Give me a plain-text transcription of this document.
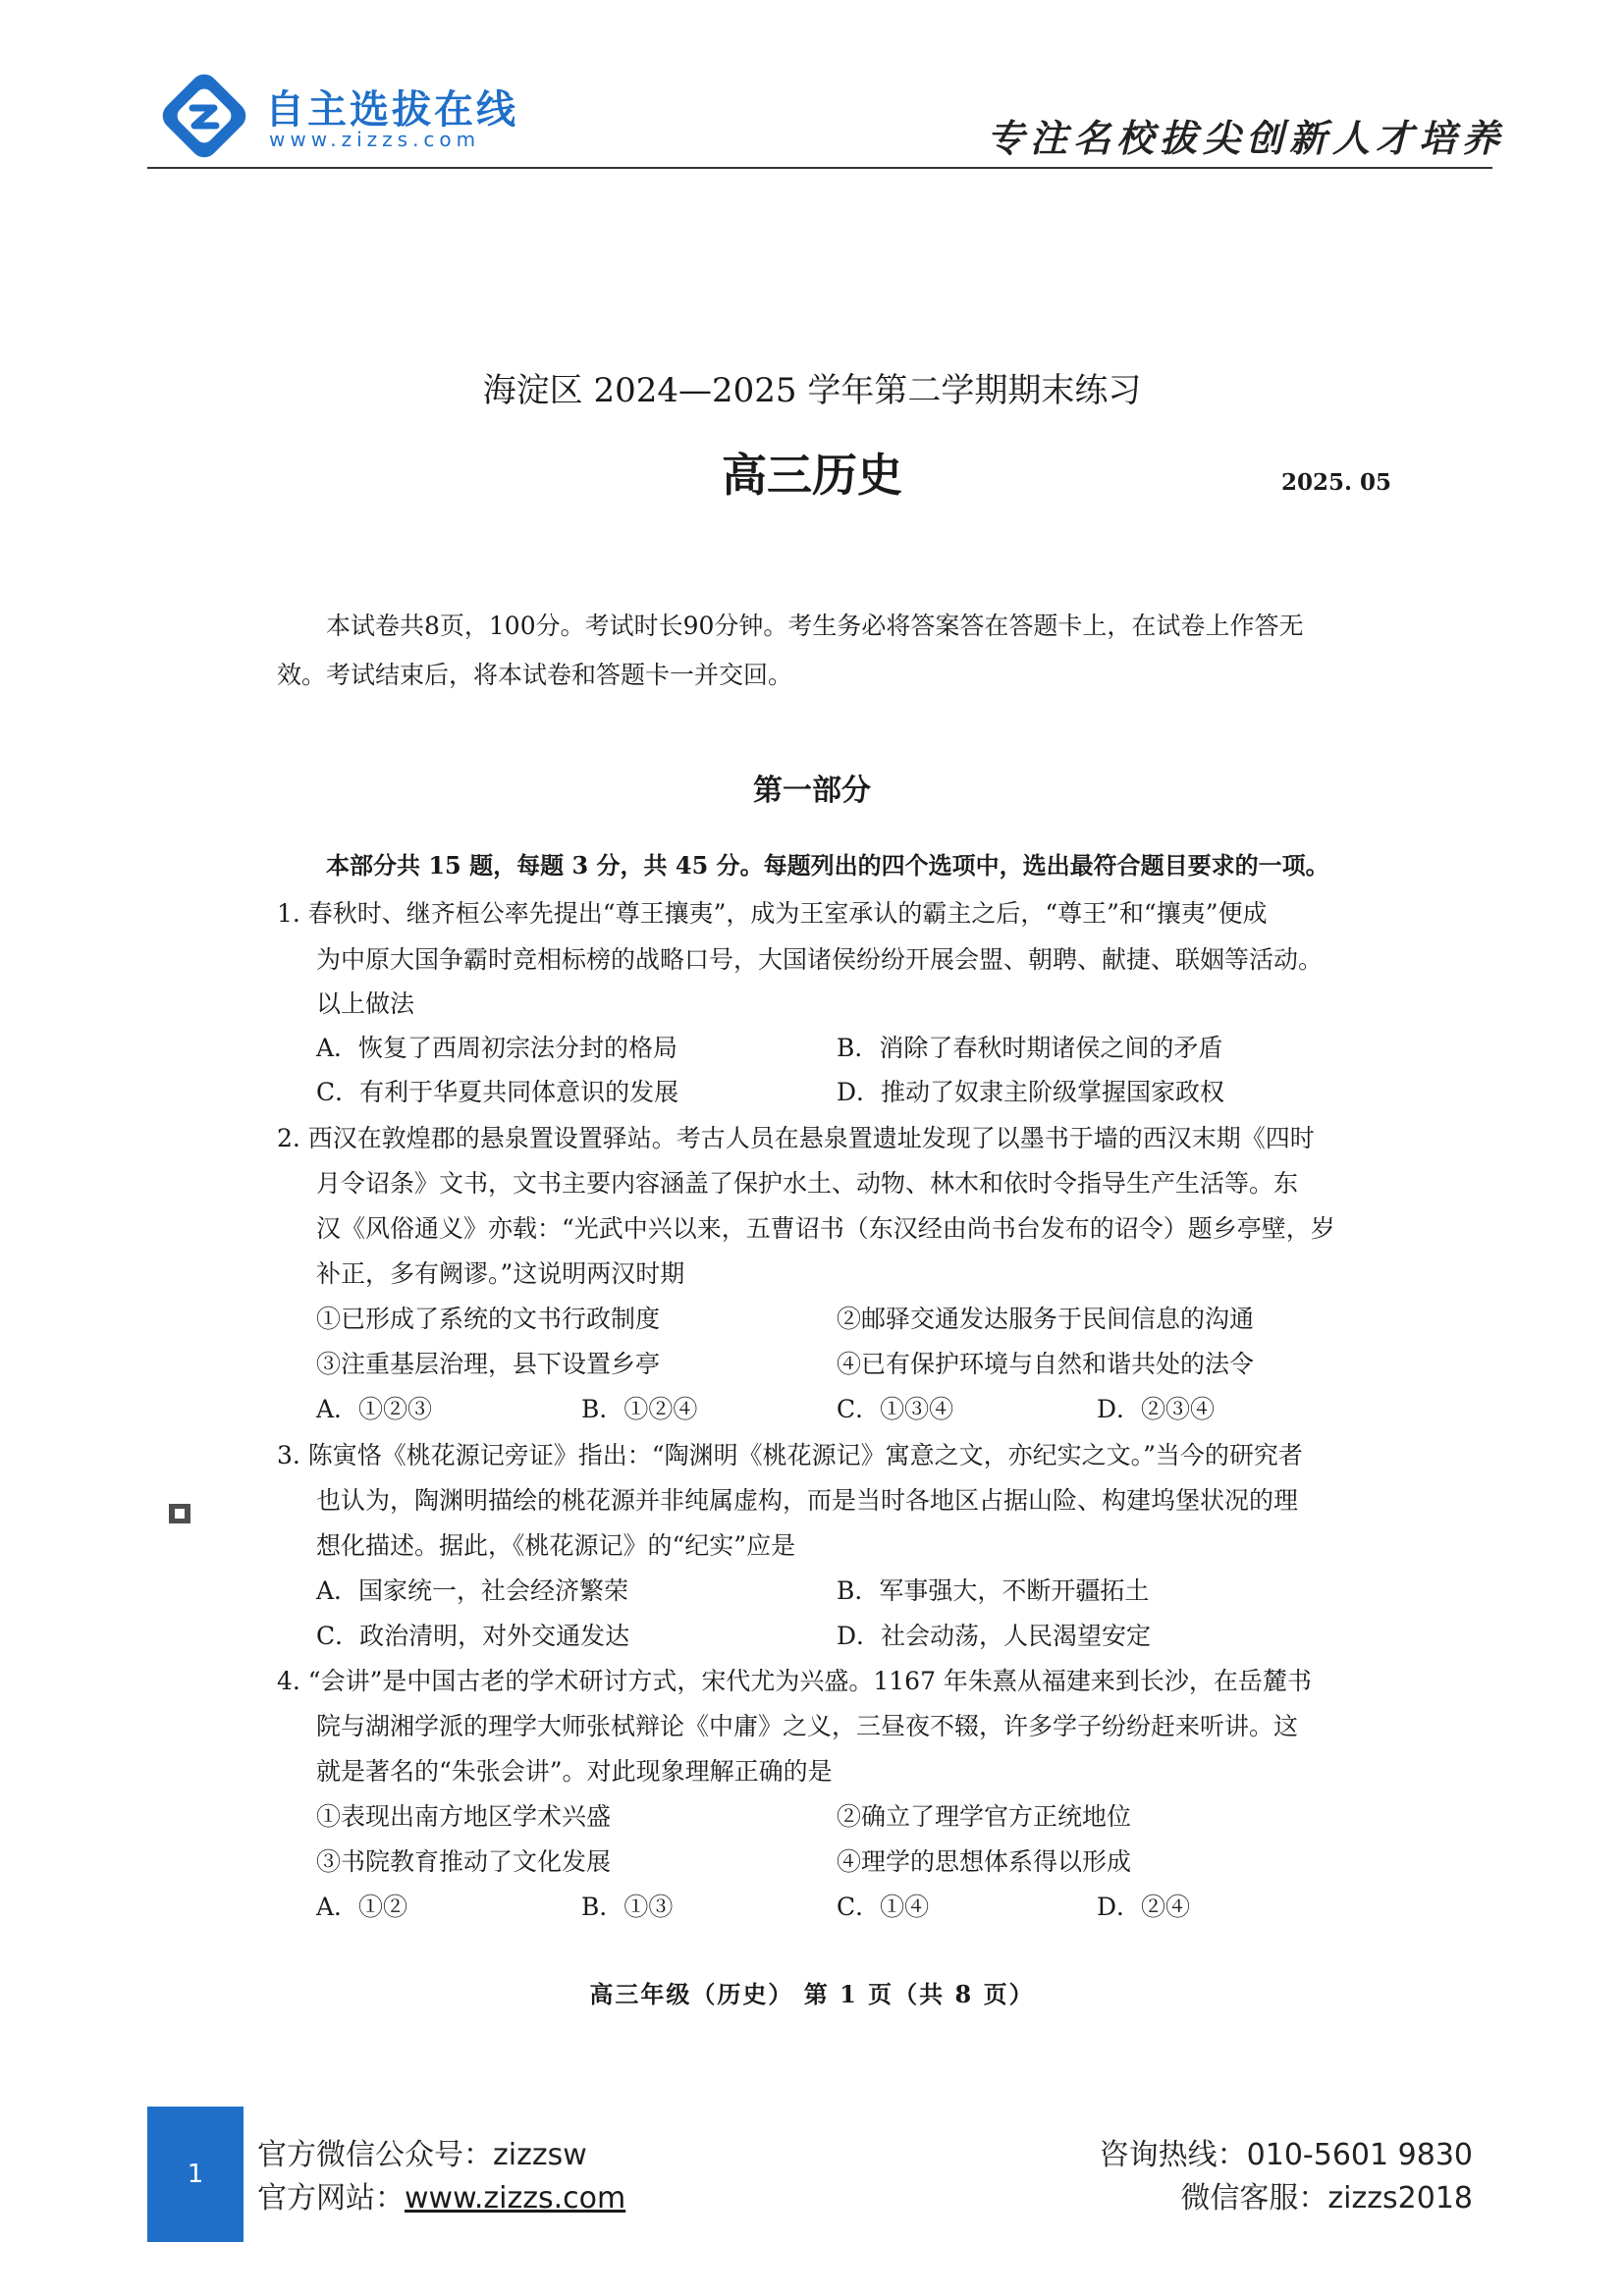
自主选拔在线
www.zizzs.com	专注名校拔尖创新人才培养
海淀区 2024—2025 学年第二学期期末练习
高三历史	2025. 05
本试卷共8页，100分。考试时长90分钟。考生务必将答案答在答题卡上，在试卷上作答无
效。考试结束后，将本试卷和答题卡一并交回。
第一部分
本部分共 15 题，每题 3 分，共 45 分。每题列出的四个选项中，选出最符合题目要求的一项。
1. 春秋时、继齐桓公率先提出“尊王攘夷”，成为王室承认的霸主之后，“尊王”和“攘夷”便成
为中原大国争霸时竞相标榜的战略口号，大国诸侯纷纷开展会盟、朝聘、献捷、联姻等活动。
以上做法
A．恢复了西周初宗法分封的格局	B．消除了春秋时期诸侯之间的矛盾
C．有利于华夏共同体意识的发展	D．推动了奴隶主阶级掌握国家政权
2. 西汉在敦煌郡的悬泉置设置驿站。考古人员在悬泉置遗址发现了以墨书于墙的西汉末期《四时
月令诏条》文书，文书主要内容涵盖了保护水土、动物、林木和依时令指导生产生活等。东
汉《风俗通义》亦载：“光武中兴以来，五曹诏书（东汉经由尚书台发布的诏令）题乡亭壁，岁
补正，多有阙谬。”这说明两汉时期
①已形成了系统的文书行政制度	②邮驿交通发达服务于民间信息的沟通
③注重基层治理，县下设置乡亭	④已有保护环境与自然和谐共处的法令
A．①②③	B．①②④	C．①③④	D．②③④
3. 陈寅恪《桃花源记旁证》指出：“陶渊明《桃花源记》寓意之文，亦纪实之文。”当今的研究者
也认为，陶渊明描绘的桃花源并非纯属虚构，而是当时各地区占据山险、构建坞堡状况的理
想化描述。据此，《桃花源记》的“纪实”应是
A．国家统一，社会经济繁荣	B．军事强大，不断开疆拓土
C．政治清明，对外交通发达	D．社会动荡，人民渴望安定
4. “会讲”是中国古老的学术研讨方式，宋代尤为兴盛。1167 年朱熹从福建来到长沙，在岳麓书
院与湖湘学派的理学大师张栻辩论《中庸》之义，三昼夜不辍，许多学子纷纷赶来听讲。这
就是著名的“朱张会讲”。对此现象理解正确的是
①表现出南方地区学术兴盛	②确立了理学官方正统地位
③书院教育推动了文化发展	④理学的思想体系得以形成
A．①②	B．①③	C．①④	D．②④
高三年级（历史） 第 1 页（共 8 页）
1
官方微信公众号：zizzsw
官方网站：www.zizzs.com
咨询热线：010-5601 9830
微信客服：zizzs2018
